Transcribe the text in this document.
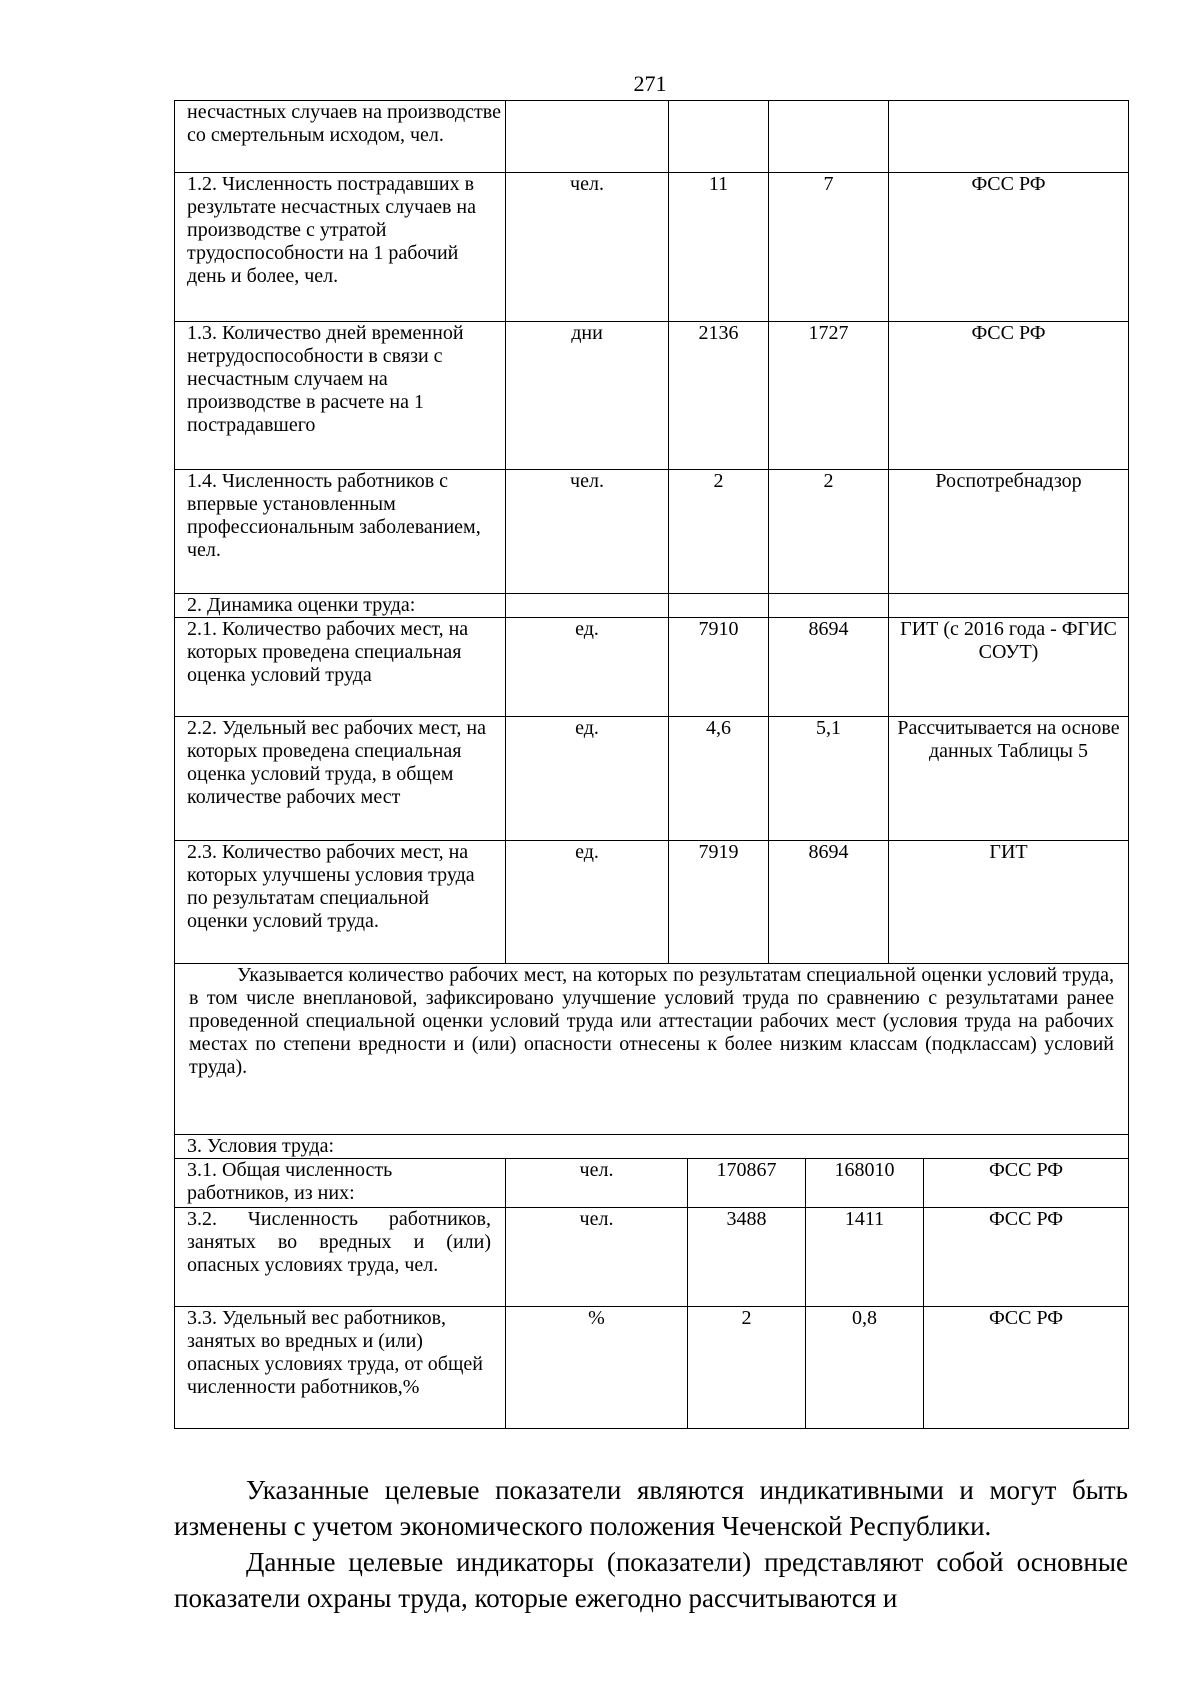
271
несчастных случаев на производстве со смертельным исходом, чел.				
1.2. Численность пострадавших в результате несчастных случаев на производстве с утратой трудоспособности на 1 рабочий день и более, чел.	чел.	11	7	ФСС РФ
1.3. Количество дней временной нетрудоспособности в связи с несчастным случаем на производстве в расчете на 1 пострадавшего	дни	2136	1727	ФСС РФ
1.4. Численность работников с впервые установленным профессиональным заболеванием, чел.	чел.	2	2	Роспотребнадзор
2. Динамика оценки труда:				
2.1. Количество рабочих мест, на которых проведена специальная оценка условий труда	ед.	7910	8694	ГИТ (с 2016 года - ФГИС СОУТ)
2.2. Удельный вес рабочих мест, на которых проведена специальная оценка условий труда, в общем количестве рабочих мест	ед.	4,6	5,1	Рассчитывается на основе данных Таблицы 5
2.3. Количество рабочих мест, на которых улучшены условия труда по результатам специальной оценки условий труда.	ед.	7919	8694	ГИТ

Указывается количество рабочих мест, на которых по результатам специальной оценки условий труда, в том числе внеплановой, зафиксировано улучшение условий труда по сравнению с результатами ранее проведенной специальной оценки условий труда или аттестации рабочих мест (условия труда на рабочих местах по степени вредности и (или) опасности отнесены к более низким классам (подклассам) условий труда).				

3. Условия труда:				
3.1. Общая численность работников, из них:	чел.	170867	168010	ФСС РФ
3.2. Численность работников, занятых во вредных и (или) опасных условиях труда, чел.	чел.	3488	1411	ФСС РФ
3.3. Удельный вес работников, занятых во вредных и (или) опасных условиях труда, от общей численности работников,%	%	2	0,8	ФСС РФ

Указанные целевые показатели являются индикативными и могут быть изменены с учетом экономического положения Чеченской Республики.

Данные целевые индикаторы (показатели) представляют собой основные показатели охраны труда, которые ежегодно рассчитываются и
